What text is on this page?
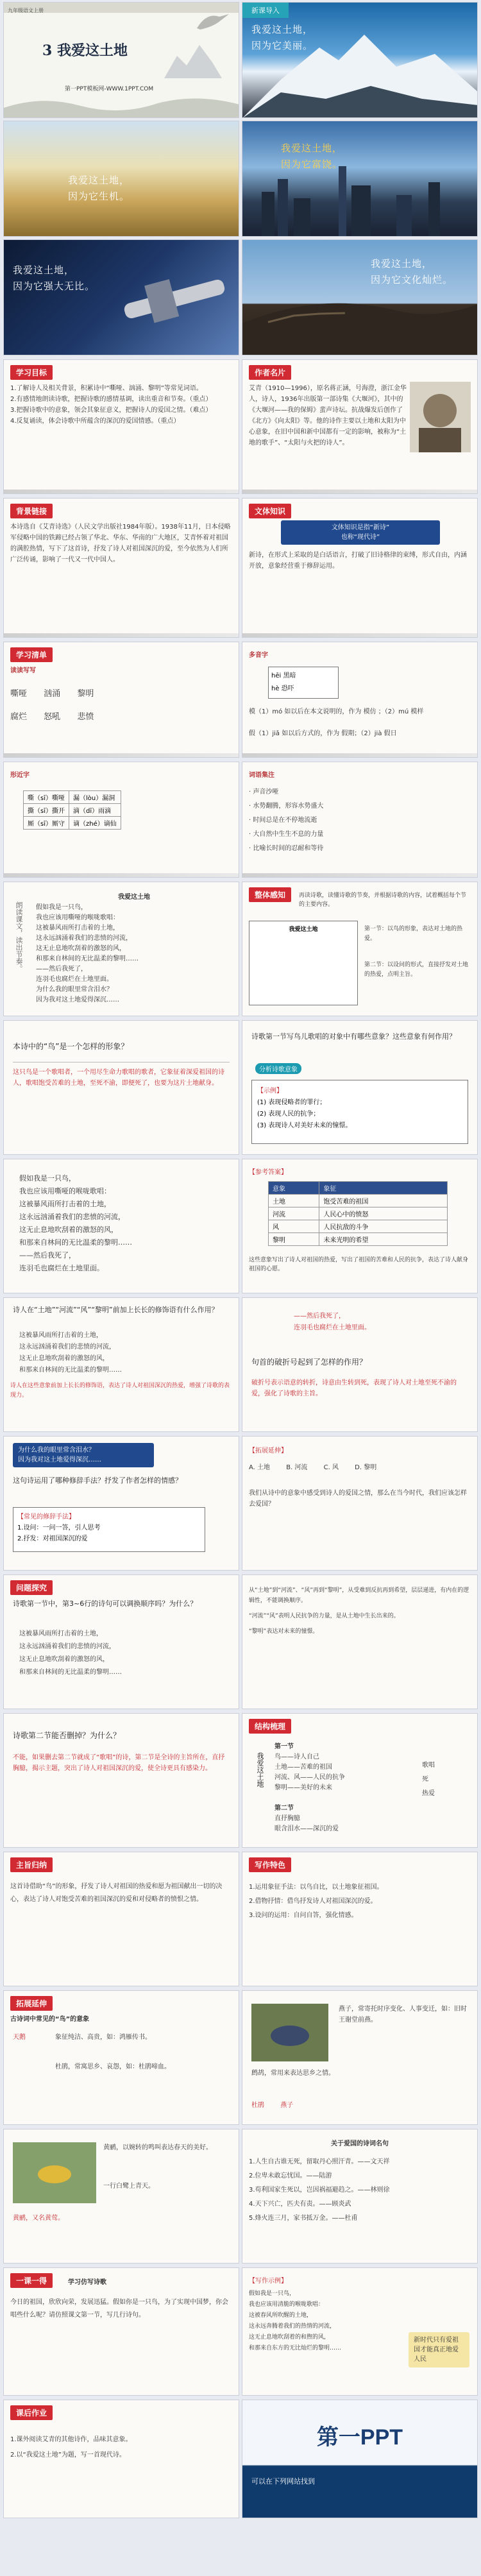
九年级语文上册
3 我爱这土地
第一PPT模板网-WWW.1PPT.COM
新课导入
我爱这土地，
因为它美丽。
我爱这土地，
因为它生机。
我爱这土地，
因为它富饶。
我爱这土地，
因为它强大无比。
我爱这土地，
因为它文化灿烂。
学习目标
1.了解诗人及相关背景，积累诗中“嘶哑、汹涌、黎明”等常见词语。
2.有感情地朗读诗歌，把握诗歌的感情基调，读出重音和节奏。（重点）
3.把握诗歌中的意象，领会其象征意义，把握诗人的爱国之情。（难点）
4.反复诵读，体会诗歌中所蕴含的深沉的爱国情感。（重点）
作者名片
艾青（1910—1996），原名蒋正涵，号海澄，浙江金华人，诗人，1936年出版第一部诗集《大堰河》，其中的《大堰河——我的保姆》蜚声诗坛。抗战爆发后创作了《北方》《向太阳》等。他的诗作主要以土地和太阳为中心意象，在旧中国和新中国都有一定的影响，被称为“土地的歌手”、“太阳与火把的诗人”。
背景链接
本诗选自《艾青诗选》（人民文学出版社1984年版）。1938年11月，日本侵略军侵略中国的铁蹄已经占领了华北、华东、华南的广大地区，艾青怀着对祖国的满腔热情，写下了这首诗，抒发了诗人对祖国深沉的爱，至今依然为人们所广泛传诵，影响了一代又一代中国人。
文体知识
文体知识是指“新诗”
也称“现代诗”
新诗，在形式上采取的是白话语言，打破了旧诗格律的束缚，形式自由，内涵开放，意象经营重于修辞运用。
学习清单
读读写写
嘶哑 汹涌 黎明
腐烂 怒吼 悲愤
多音字
hēi 黑暗
hè 恐吓
模（1）mó 如以后在本文说明的，作为 模仿 ；（2）mú 模样
假（1）jiǎ 如以后方式的，作为 假期；（2）jià 假日
形近字
嘶（sī）嘶哑	漏（lòu）漏洞
撕（sī）撕开	滴（dī）雨滴
厮（sī）厮守	谪（zhé）谪仙
词语集注
· 声音沙哑
· 水势翻腾，形容水势盛大
· 时间总是在不停地流逝
· 大自然中生生不息的力量
· 比喻长时间的忍耐和等待
朗读课文，读出节奏。
我爱这土地
假如我是一只鸟，
我也应该用嘶哑的喉咙歌唱：
这被暴风雨所打击着的土地，
这永远汹涌着我们的悲愤的河流，
这无止息地吹刮着的激怒的风，
和那来自林间的无比温柔的黎明……
——然后我死了，
连羽毛也腐烂在土地里面。
为什么我的眼里常含泪水？
因为我对这土地爱得深沉……
整体感知	再读诗歌，读懂诗歌的节奏，并根据诗歌的内容，试着概括每个节的主要内容。
我爱这土地	第一节：以鸟的形象，表达对土地的热爱。
第二节：以设问的形式，直接抒发对土地的热爱，点明主旨。
本诗中的“鸟”是一个怎样的形象？
这只鸟是一个歌唱者，一个用尽生命力歌唱的歌者，它象征着深爱祖国的诗人，歌唱饱受苦难的土地，至死不渝，即便死了，也要为这片土地献身。
诗歌第一节写鸟儿歌唱的对象中有哪些意象？这些意象有何作用？
分析诗歌意象
【示例】
(1) 表现侵略者的罪行；
(2) 表现人民的抗争；
(3) 表现诗人对美好未来的憧憬。
假如我是一只鸟，
我也应该用嘶哑的喉咙歌唱：
这被暴风雨所打击着的土地，
这永远汹涌着我们的悲愤的河流，
这无止息地吹刮着的激怒的风，
和那来自林间的无比温柔的黎明……
——然后我死了，
连羽毛也腐烂在土地里面。
【参考答案】
意象	象征
土地	饱受苦难的祖国
河流	人民心中的愤怒
风	人民抗敌的斗争
黎明	未来光明的希望
这些意象写出了诗人对祖国的热爱，写出了祖国的苦难和人民的抗争，表达了诗人献身祖国的心愿。
诗人在“土地”“河流”“风”“黎明”前加上长长的修饰语有什么作用？
这被暴风雨所打击着的土地，
这永远汹涌着我们的悲愤的河流，
这无止息地吹刮着的激怒的风，
和那来自林间的无比温柔的黎明……
诗人在这些意象前加上长长的修饰语，表达了诗人对祖国深沉的热爱，增强了诗歌的表现力。
——然后我死了，
连羽毛也腐烂在土地里面。
句首的破折号起到了怎样的作用？
破折号表示语意的转折，诗意由生转到死，表现了诗人对土地至死不渝的爱，强化了诗歌的主旨。
为什么我的眼里常含泪水？
因为我对这土地爱得深沉……
这句诗运用了哪种修辞手法？抒发了作者怎样的情感？
【常见的修辞手法】
1.设问：一问一答，引人思考
2.抒发：对祖国深沉的爱
【拓展延伸】
A. 土地	B. 河流	C. 风	D. 黎明
我们从诗中的意象中感受到诗人的爱国之情，那么在当今时代，我们应该怎样去爱国？
问题探究
诗歌第一节中，第3~6行的诗句可以调换顺序吗？为什么？
这被暴风雨所打击着的土地，
这永远汹涌着我们的悲愤的河流，
这无止息地吹刮着的激怒的风，
和那来自林间的无比温柔的黎明……
从“土地”到“河流”、“风”再到“黎明”，从受难到反抗再到希望，层层递进，有内在的逻辑性，不能调换顺序。
“河流”“风”表明人民抗争的力量，是从土地中生长出来的。
“黎明”表达对未来的憧憬。
诗歌第二节能否删掉？为什么？
不能，如果删去第二节就成了“歌唱”的诗，第二节是全诗的主旨所在，直抒胸臆，揭示主题，突出了诗人对祖国深沉的爱，使全诗更具有感染力。
结构梳理
我爱这土地
第一节
鸟——诗人自己
土地——苦难的祖国
河流、风——人民的抗争
黎明——美好的未来
第二节
直抒胸臆
眼含泪水——深沉的爱
歌唱
死
热爱
主旨归纳
这首诗借助“鸟”的形象，抒发了诗人对祖国的热爱和愿为祖国献出一切的决心，表达了诗人对饱受苦难的祖国深沉的爱和对侵略者的愤恨之情。
写作特色
1.运用象征手法：以鸟自比，以土地象征祖国。
2.借物抒情：借鸟抒发诗人对祖国深沉的爱。
3.设问的运用：自问自答，强化情感。
拓展延伸
古诗词中常见的“鸟”的意象
天鹅	象征纯洁、高贵，如：鸿雁传书。
杜鹃，常寓思乡、哀怨，如：杜鹃啼血。
燕子，常寄托时序变化、人事变迁，如：旧时王谢堂前燕。
鹧鸪，常用来表达思乡之情。
杜鹃	燕子
黄鹂，以婉转的鸣叫表达春天的美好。
一行白鹭上青天。
黄鹂，又名黄莺。
关于爱国的诗词名句
1.人生自古谁无死，留取丹心照汗青。——文天祥
2.位卑未敢忘忧国。——陆游
3.苟利国家生死以，岂因祸福避趋之。——林则徐
4.天下兴亡，匹夫有责。——顾炎武
5.烽火连三月，家书抵万金。——杜甫
一课一得	学习仿写诗歌
今日的祖国，欣欣向荣，发展迅猛。假如你是一只鸟，为了实现中国梦，你会唱些什么呢？请仿照课文第一节，写几行诗句。
【写作示例】
假如我是一只鸟，
我也应该用清脆的喉咙歌唱：
这被春风所吹醒的土地，
这永远奔腾着我们的热情的河流，
这无止息地吹刮着的和煦的风，
和那来自东方的无比灿烂的黎明……
新时代只有爱祖国才能真正地爱人民
课后作业
1.课外阅读艾青的其他诗作，品味其意象。
2.以“我爱这土地”为题，写一首现代诗。
第一PPT
可以在下列网站找到
